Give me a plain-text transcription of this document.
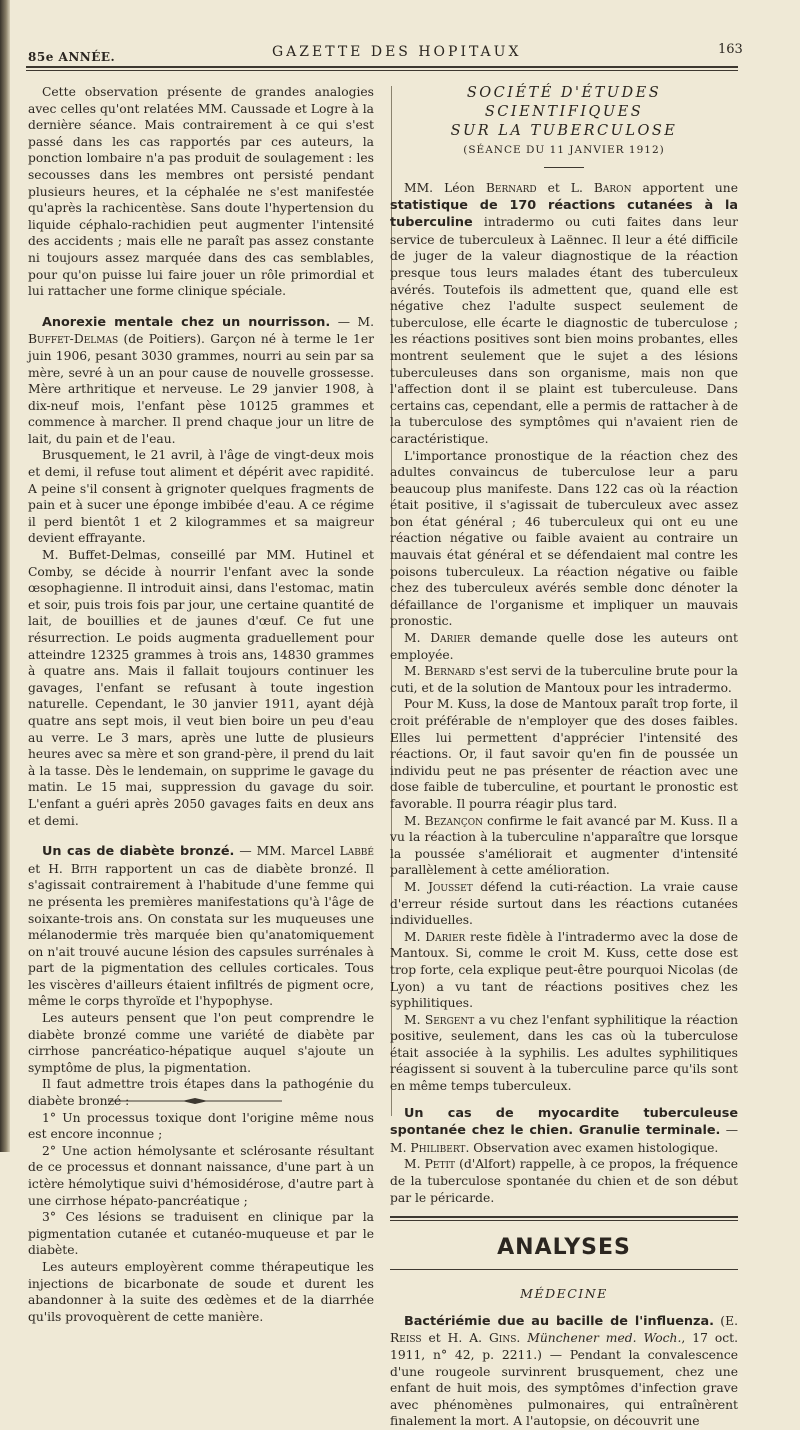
85e ANNÉE.	GAZETTE DES HOPITAUX	163

Cette observation présente de grandes analogies avec celles qu'ont relatées MM. Caussade et Logre à la dernière séance. Mais contrairement à ce qui s'est passé dans les cas rapportés par ces auteurs, la ponction lombaire n'a pas produit de soulagement : les secousses dans les membres ont persisté pendant plusieurs heures, et la céphalée ne s'est manifestée qu'après la rachicentèse. Sans doute l'hypertension du liquide céphalo-rachidien peut augmenter l'intensité des accidents ; mais elle ne paraît pas assez constante ni toujours assez marquée dans des cas semblables, pour qu'on puisse lui faire jouer un rôle primordial et lui rattacher une forme clinique spéciale.

Anorexie mentale chez un nourrisson. — M. Buffet-Delmas (de Poitiers). Garçon né à terme le 1er juin 1906, pesant 3030 grammes, nourri au sein par sa mère, sevré à un an pour cause de nouvelle grossesse. Mère arthritique et nerveuse. Le 29 janvier 1908, à dix-neuf mois, l'enfant pèse 10125 grammes et commence à marcher. Il prend chaque jour un litre de lait, du pain et de l'eau.

Brusquement, le 21 avril, à l'âge de vingt-deux mois et demi, il refuse tout aliment et dépérit avec rapidité. A peine s'il consent à grignoter quelques fragments de pain et à sucer une éponge imbibée d'eau. A ce régime il perd bientôt 1 et 2 kilogrammes et sa maigreur devient effrayante.

M. Buffet-Delmas, conseillé par MM. Hutinel et Comby, se décide à nourrir l'enfant avec la sonde œsophagienne. Il introduit ainsi, dans l'estomac, matin et soir, puis trois fois par jour, une certaine quantité de lait, de bouillies et de jaunes d'œuf. Ce fut une résurrection. Le poids augmenta graduellement pour atteindre 12325 grammes à trois ans, 14830 grammes à quatre ans. Mais il fallait toujours continuer les gavages, l'enfant se refusant à toute ingestion naturelle. Cependant, le 30 janvier 1911, ayant déjà quatre ans sept mois, il veut bien boire un peu d'eau au verre. Le 3 mars, après une lutte de plusieurs heures avec sa mère et son grand-père, il prend du lait à la tasse. Dès le lendemain, on supprime le gavage du matin. Le 15 mai, suppression du gavage du soir. L'enfant a guéri après 2050 gavages faits en deux ans et demi.

Un cas de diabète bronzé. — MM. Marcel Labbé et H. Bith rapportent un cas de diabète bronzé. Il s'agissait contrairement à l'habitude d'une femme qui ne présenta les premières manifestations qu'à l'âge de soixante-trois ans. On constata sur les muqueuses une mélanodermie très marquée bien qu'anatomiquement on n'ait trouvé aucune lésion des capsules surrénales à part de la pigmentation des cellules corticales. Tous les viscères d'ailleurs étaient infiltrés de pigment ocre, même le corps thyroïde et l'hypophyse.

Les auteurs pensent que l'on peut comprendre le diabète bronzé comme une variété de diabète par cirrhose pancréatico-hépatique auquel s'ajoute un symptôme de plus, la pigmentation.

Il faut admettre trois étapes dans la pathogénie du diabète bronzé :

1° Un processus toxique dont l'origine même nous est encore inconnue ;

2° Une action hémolysante et sclérosante résultant de ce processus et donnant naissance, d'une part à un ictère hémolytique suivi d'hémosidérose, d'autre part à une cirrhose hépato-pancréatique ;

3° Ces lésions se traduisent en clinique par la pigmentation cutanée et cutanéo-muqueuse et par le diabète.

Les auteurs employèrent comme thérapeutique les injections de bicarbonate de soude et durent les abandonner à la suite des œdèmes et de la diarrhée qu'ils provoquèrent de cette manière.

SOCIÉTÉ D'ÉTUDES SCIENTIFIQUES
SUR LA TUBERCULOSE
(SÉANCE DU 11 JANVIER 1912)

MM. Léon Bernard et L. Baron apportent une statistique de 170 réactions cutanées à la tuberculine intradermo ou cuti faites dans leur service de tuberculeux à Laënnec. Il leur a été difficile de juger de la valeur diagnostique de la réaction presque tous leurs malades étant des tuberculeux avérés. Toutefois ils admettent que, quand elle est négative chez l'adulte suspect seulement de tuberculose, elle écarte le diagnostic de tuberculose ; les réactions positives sont bien moins probantes, elles montrent seulement que le sujet a des lésions tuberculeuses dans son organisme, mais non que l'affection dont il se plaint est tuberculeuse. Dans certains cas, cependant, elle a permis de rattacher à de la tuberculose des symptômes qui n'avaient rien de caractéristique.

L'importance pronostique de la réaction chez des adultes convaincus de tuberculose leur a paru beaucoup plus manifeste. Dans 122 cas où la réaction était positive, il s'agissait de tuberculeux avec assez bon état général ; 46 tuberculeux qui ont eu une réaction négative ou faible avaient au contraire un mauvais état général et se défendaient mal contre les poisons tuberculeux. La réaction négative ou faible chez des tuberculeux avérés semble donc dénoter la défaillance de l'organisme et impliquer un mauvais pronostic.

M. Darier demande quelle dose les auteurs ont employée.

M. Bernard s'est servi de la tuberculine brute pour la cuti, et de la solution de Mantoux pour les intradermo.

Pour M. Kuss, la dose de Mantoux paraît trop forte, il croit préférable de n'employer que des doses faibles. Elles lui permettent d'apprécier l'intensité des réactions. Or, il faut savoir qu'en fin de poussée un individu peut ne pas présenter de réaction avec une dose faible de tuberculine, et pourtant le pronostic est favorable. Il pourra réagir plus tard.

M. Bezançon confirme le fait avancé par M. Kuss. Il a vu la réaction à la tuberculine n'apparaître que lorsque la poussée s'améliorait et augmenter d'intensité parallèlement à cette amélioration.

M. Jousset défend la cuti-réaction. La vraie cause d'erreur réside surtout dans les réactions cutanées individuelles.

M. Darier reste fidèle à l'intradermo avec la dose de Mantoux. Si, comme le croit M. Kuss, cette dose est trop forte, cela explique peut-être pourquoi Nicolas (de Lyon) a vu tant de réactions positives chez les syphilitiques.

M. Sergent a vu chez l'enfant syphilitique la réaction positive, seulement, dans les cas où la tuberculose était associée à la syphilis. Les adultes syphilitiques réagissent si souvent à la tuberculine parce qu'ils sont en même temps tuberculeux.

Un cas de myocardite tuberculeuse spontanée chez le chien. Granulie terminale. — M. Philibert. Observation avec examen histologique.

M. Petit (d'Alfort) rappelle, à ce propos, la fréquence de la tuberculose spontanée du chien et de son début par le péricarde.

ANALYSES
MÉDECINE

Bactériémie due au bacille de l'influenza. (E. Reiss et H. A. Gins. Münchener med. Woch., 17 oct. 1911, n° 42, p. 2211.) — Pendant la convalescence d'une rougeole survinrent brusquement, chez une enfant de huit mois, des symptômes d'infection grave avec phénomènes pulmonaires, qui entraînèrent finalement la mort. A l'autopsie, on découvrit une
